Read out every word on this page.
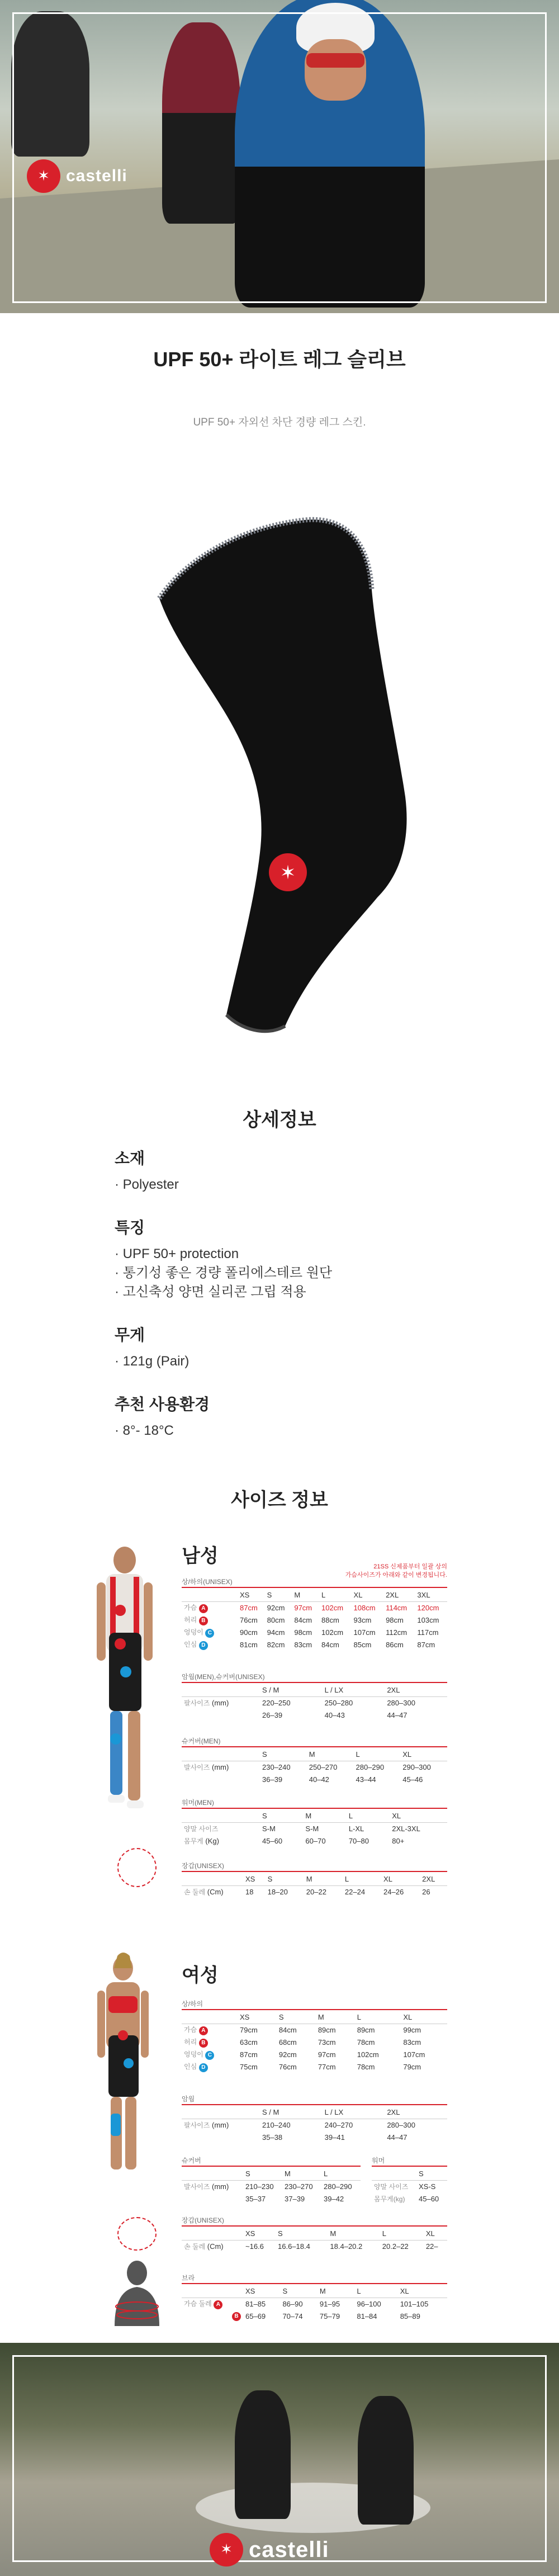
✶ castelli
UPF 50+ 라이트 레그 슬리브

UPF 50+ 자외선 차단 경량 레그 스킨.

✶
상세정보
소재
· Polyester
특징
· UPF 50+ protection
· 통기성 좋은 경량 폴리에스테르 원단
· 고신축성 양면 실리콘 그립 적용
무게
· 121g (Pair)
추천 사용환경
· 8°- 18°C
사이즈 정보
남성	21SS 신제품부터 일괄 상의
가슴사이즈가 아래와 같이 변경됩니다.
상/하의(UNISEX)
	XS	S	M	L	XL	2XL	3XL
가슴 A	87cm	92cm	97cm	102cm	108cm	114cm	120cm
허리 B	76cm	80cm	84cm	88cm	93cm	98cm	103cm
엉덩이 C	90cm	94cm	98cm	102cm	107cm	112cm	117cm
인심 D	81cm	82cm	83cm	84cm	85cm	86cm	87cm
암웜(MEN),슈커버(UNISEX)
	S / M	L / LX	2XL
팔사이즈 (mm)	220–250	250–280	280–300
	26–39	40–43	44–47
슈커버(MEN)
	S	M	L	XL
발사이즈 (mm)	230–240	250–270	280–290	290–300
	36–39	40–42	43–44	45–46
워머(MEN)
	S	M	L	XL
양말 사이즈	S-M	S-M	L-XL	2XL-3XL
몸무게 (Kg)	45–60	60–70	70–80	80+
장갑(UNISEX)
	XS	S	M	L	XL	2XL
손 둘레 (Cm)	18	18–20	20–22	22–24	24–26	26
여성
상/하의
	XS	S	M	L	XL
가슴 A	79cm	84cm	89cm	89cm	99cm
허리 B	63cm	68cm	73cm	78cm	83cm
엉덩이 C	87cm	92cm	97cm	102cm	107cm
인심 D	75cm	76cm	77cm	78cm	79cm
암웜
	S / M	L / LX	2XL
팔사이즈 (mm)	210–240	240–270	280–300
	35–38	39–41	44–47
슈커버
	S	M	L
발사이즈 (mm)	210–230	230–270	280–290
	35–37	37–39	39–42
워머
	S
양말 사이즈	XS-S
몸무게(kg)	45–60
장갑(UNISEX)
	XS	S	M	L	XL
손 둘레 (Cm)	~16.6	16.6–18.4	18.4–20.2	20.2–22	22–
브라
	XS	S	M	L	XL
가슴 둘레 A	81–85	86–90	91–95	96–100	101–105
B	65–69	70–74	75–79	81–84	85–89
✶ castelli
